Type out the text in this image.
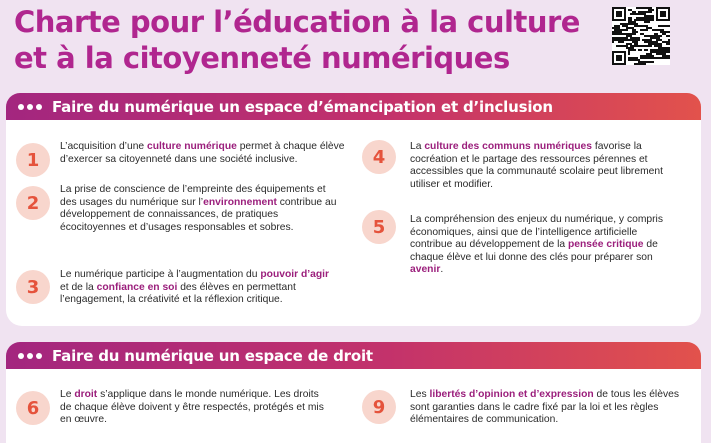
Charte pour l’éducation à la culture
et à la citoyenneté numériques
Faire du numérique un espace d’émancipation et d’inclusion
1
L’acquisition d’une culture numérique permet à chaque élève d’exercer sa citoyenneté dans une société inclusive.
2
La prise de conscience de l’empreinte des équipements et des usages du numérique sur l’environnement contribue au développement de connaissances, de pratiques écocitoyennes et d’usages responsables et sobres.
3
Le numérique participe à l’augmentation du pouvoir d’agir et de la confiance en soi des élèves en permettant l’engagement, la créativité et la réflexion critique.
4	La culture des communs numériques favorise la cocréation et le partage des ressources pérennes et accessibles que la communauté scolaire peut librement utiliser et modifier.
5	La compréhension des enjeux du numérique, y compris économiques, ainsi que de l’intelligence artificielle contribue au développement de la pensée critique de chaque élève et lui donne des clés pour préparer son avenir.
Faire du numérique un espace de droit
6
Le droit s’applique dans le monde numérique. Les droits de chaque élève doivent y être respectés, protégés et mis en œuvre.
9
Les libertés d’opinion et d’expression de tous les élèves sont garanties dans le cadre fixé par la loi et les règles élémentaires de communication.
